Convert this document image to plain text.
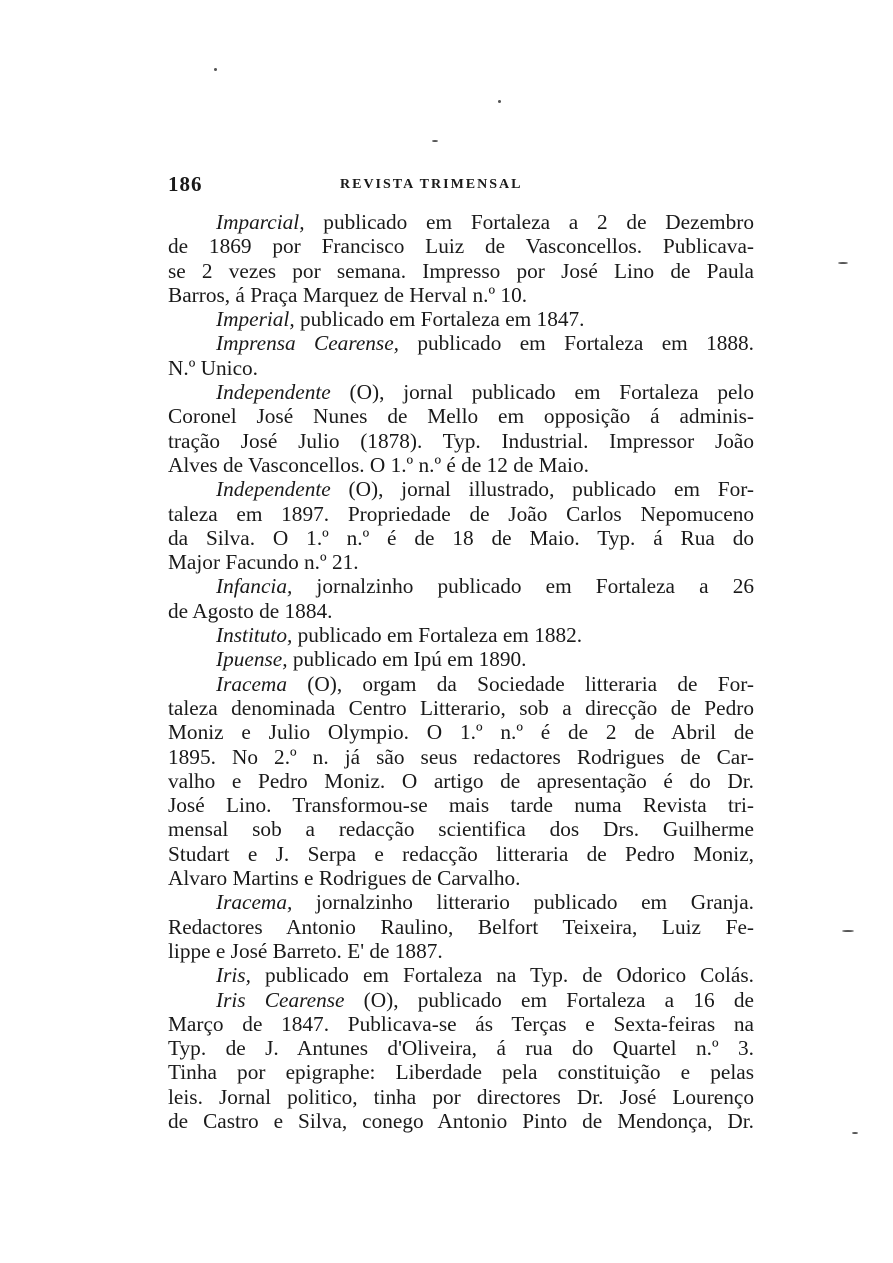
186	REVISTA TRIMENSAL
Imparcial, publicado em Fortaleza a 2 de Dezembro
de 1869 por Francisco Luiz de Vasconcellos. Publicava-
se 2 vezes por semana. Impresso por José Lino de Paula
Barros, á Praça Marquez de Herval n.º 10.
Imperial, publicado em Fortaleza em 1847.
Imprensa Cearense, publicado em Fortaleza em 1888.
N.º Unico.
Independente (O), jornal publicado em Fortaleza pelo
Coronel José Nunes de Mello em opposição á adminis-
tração José Julio (1878). Typ. Industrial. Impressor João
Alves de Vasconcellos. O 1.º n.º é de 12 de Maio.
Independente (O), jornal illustrado, publicado em For-
taleza em 1897. Propriedade de João Carlos Nepomuceno
da Silva. O 1.º n.º é de 18 de Maio. Typ. á Rua do
Major Facundo n.º 21.
Infancia, jornalzinho publicado em Fortaleza a 26
de Agosto de 1884.
Instituto, publicado em Fortaleza em 1882.
Ipuense, publicado em Ipú em 1890.
Iracema (O), orgam da Sociedade litteraria de For-
taleza denominada Centro Litterario, sob a direcção de Pedro
Moniz e Julio Olympio. O 1.º n.º é de 2 de Abril de
1895. No 2.º n. já são seus redactores Rodrigues de Car-
valho e Pedro Moniz. O artigo de apresentação é do Dr.
José Lino. Transformou-se mais tarde numa Revista tri-
mensal sob a redacção scientifica dos Drs. Guilherme
Studart e J. Serpa e redacção litteraria de Pedro Moniz,
Alvaro Martins e Rodrigues de Carvalho.
Iracema, jornalzinho litterario publicado em Granja.
Redactores Antonio Raulino, Belfort Teixeira, Luiz Fe-
lippe e José Barreto. E' de 1887.
Iris, publicado em Fortaleza na Typ. de Odorico Colás.
Iris Cearense (O), publicado em Fortaleza a 16 de
Março de 1847. Publicava-se ás Terças e Sexta-feiras na
Typ. de J. Antunes d'Oliveira, á rua do Quartel n.º 3.
Tinha por epigraphe: Liberdade pela constituição e pelas
leis. Jornal politico, tinha por directores Dr. José Lourenço
de Castro e Silva, conego Antonio Pinto de Mendonça, Dr.
